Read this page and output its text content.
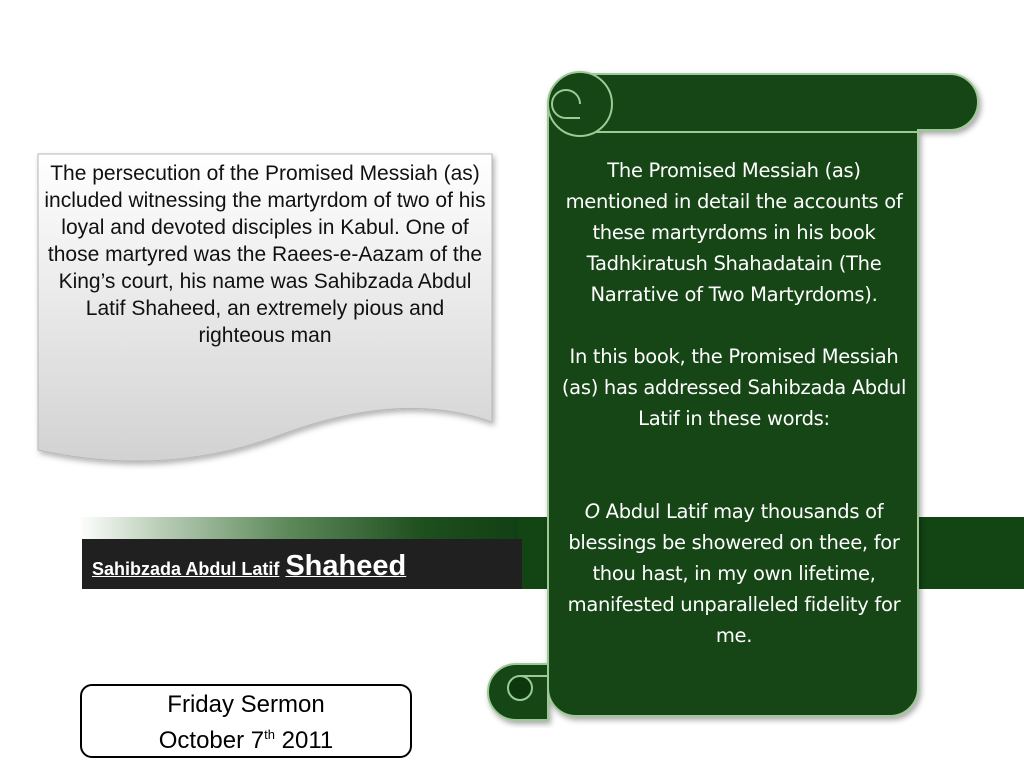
Sahibzada Abdul Latif Shaheed
The persecution of the Promised Messiah (as) included witnessing the martyrdom of two of his loyal and devoted disciples in Kabul. One of those martyred was the Raees-e-Aazam of the King’s court, his name was Sahibzada Abdul Latif Shaheed, an extremely pious and righteous man

The Promised Messiah (as) mentioned in detail the accounts of these martyrdoms in his book Tadhkiratush Shahadatain (The Narrative of Two Martyrdoms).

In this book, the Promised Messiah (as) has addressed Sahibzada Abdul Latif in these words:

O Abdul Latif may thousands of blessings be showered on thee, for thou hast, in my own lifetime, manifested unparalleled fidelity for me.

Friday Sermon
October 7th 2011
